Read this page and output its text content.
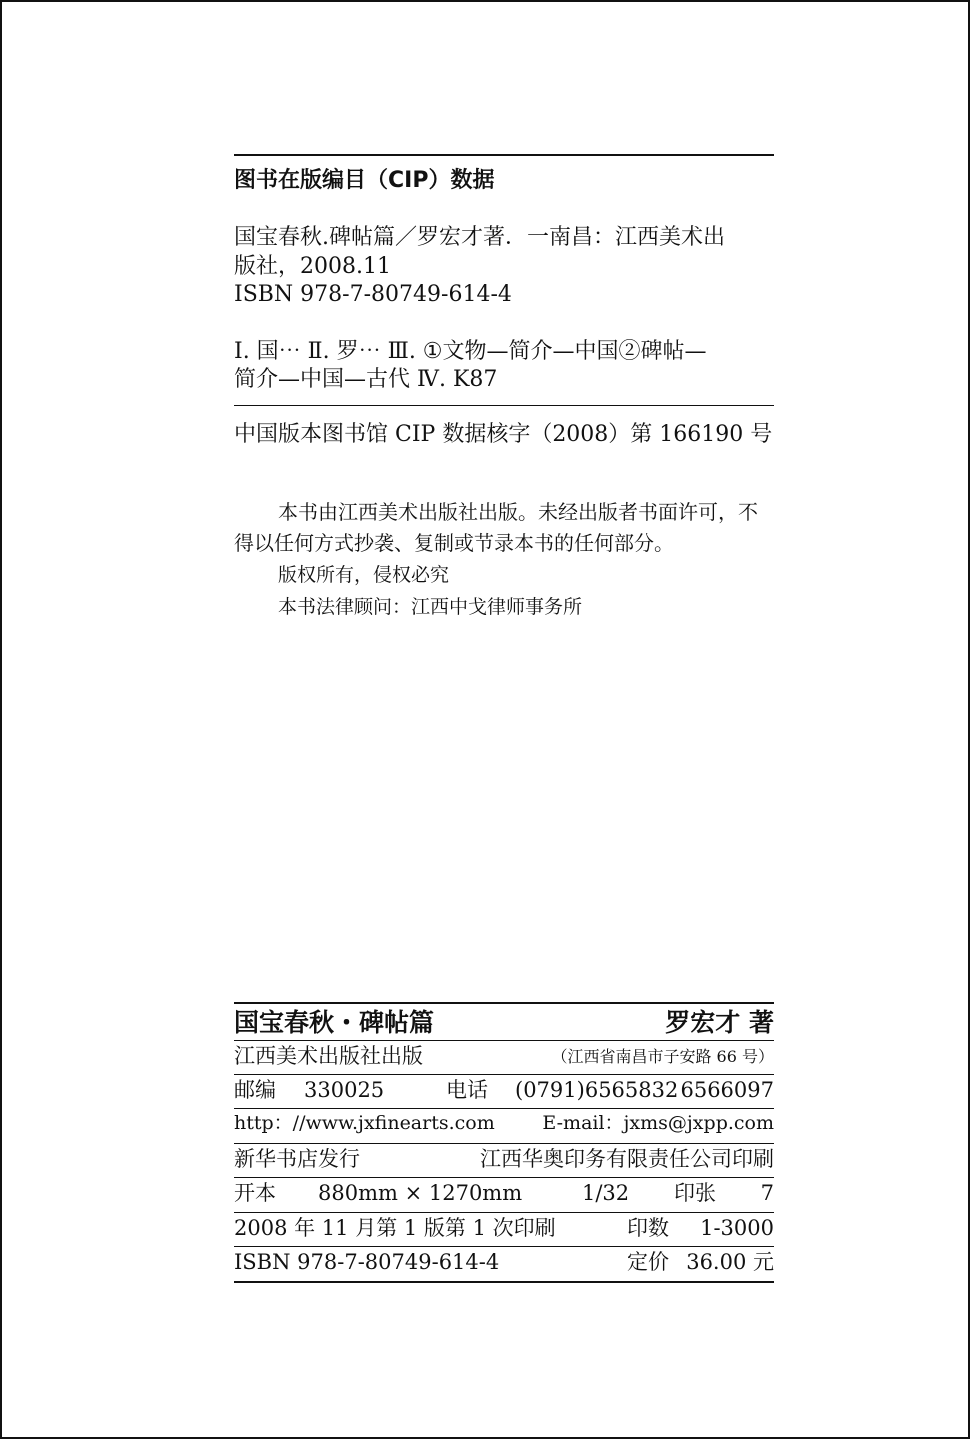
图书在版编目（CIP）数据
国宝春秋.碑帖篇／罗宏才著．一南昌：江西美术出
版社，2008.11
ISBN 978-7-80749-614-4
Ⅰ. 国⋯ Ⅱ. 罗⋯ Ⅲ. ①文物—简介—中国②碑帖—
简介—中国—古代 Ⅳ. K87
中国版本图书馆 CIP 数据核字（2008）第 166190 号
本书由江西美术出版社出版。未经出版者书面许可，不
得以任何方式抄袭、复制或节录本书的任何部分。
版权所有，侵权必究
本书法律顾问：江西中戈律师事务所
国宝春秋・碑帖篇	罗宏才 著
江西美术出版社出版	（江西省南昌市子安路 66 号）
邮编 330025	电话 (0791)6565832 6566097
http：//www.jxfinearts.com	E-mail：jxms@jxpp.com
新华书店发行	江西华奥印务有限责任公司印刷
开本 880mm × 1270mm	1/32 印张 7
2008 年 11 月第 1 版第 1 次印刷	印数 1-3000
ISBN 978-7-80749-614-4	定价 36.00 元
